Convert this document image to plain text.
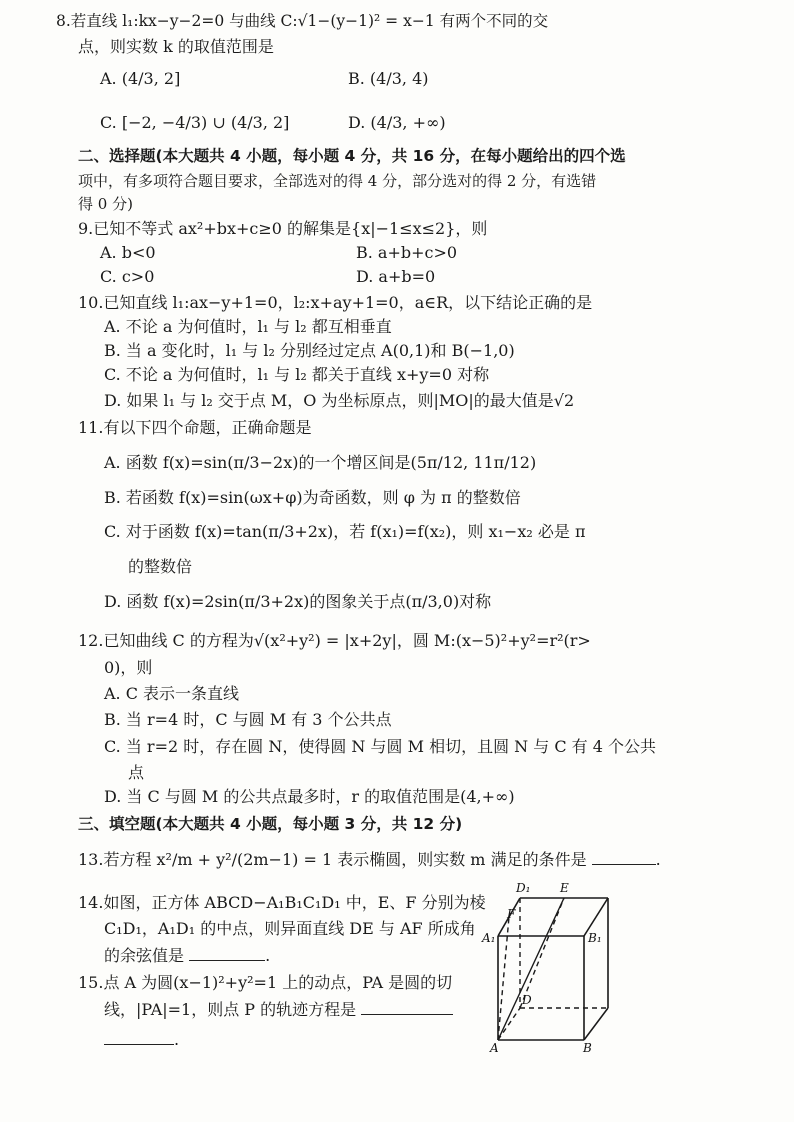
8.若直线 l₁:kx−y−2=0 与曲线 C:√1−(y−1)² = x−1 有两个不同的交
点，则实数 k 的取值范围是
A. (4/3, 2]	B. (4/3, 4)
C. [−2, −4/3) ∪ (4/3, 2]	D. (4/3, +∞)
二、选择题(本大题共 4 小题，每小题 4 分，共 16 分，在每小题给出的四个选
项中，有多项符合题目要求，全部选对的得 4 分，部分选对的得 2 分，有选错
得 0 分)
9.已知不等式 ax²+bx+c≥0 的解集是{x|−1≤x≤2}，则
A. b<0	B. a+b+c>0
C. c>0	D. a+b=0
10.已知直线 l₁:ax−y+1=0，l₂:x+ay+1=0，a∈R，以下结论正确的是
A. 不论 a 为何值时，l₁ 与 l₂ 都互相垂直
B. 当 a 变化时，l₁ 与 l₂ 分别经过定点 A(0,1)和 B(−1,0)
C. 不论 a 为何值时，l₁ 与 l₂ 都关于直线 x+y=0 对称
D. 如果 l₁ 与 l₂ 交于点 M，O 为坐标原点，则|MO|的最大值是√2
11.有以下四个命题，正确命题是
A. 函数 f(x)=sin(π/3−2x)的一个增区间是(5π/12, 11π/12)
B. 若函数 f(x)=sin(ωx+φ)为奇函数，则 φ 为 π 的整数倍
C. 对于函数 f(x)=tan(π/3+2x)，若 f(x₁)=f(x₂)，则 x₁−x₂ 必是 π
的整数倍
D. 函数 f(x)=2sin(π/3+2x)的图象关于点(π/3,0)对称
12.已知曲线 C 的方程为√(x²+y²) = |x+2y|，圆 M:(x−5)²+y²=r²(r>
0)，则
A. C 表示一条直线
B. 当 r=4 时，C 与圆 M 有 3 个公共点
C. 当 r=2 时，存在圆 N，使得圆 N 与圆 M 相切，且圆 N 与 C 有 4 个公共
点
D. 当 C 与圆 M 的公共点最多时，r 的取值范围是(4,+∞)
三、填空题(本大题共 4 小题，每小题 3 分，共 12 分)
13.若方程 x²/m + y²/(2m−1) = 1 表示椭圆，则实数 m 满足的条件是	.
14.如图，正方体 ABCD−A₁B₁C₁D₁ 中，E、F 分别为棱
C₁D₁，A₁D₁ 的中点，则异面直线 DE 与 AF 所成角
的余弦值是	.
15.点 A 为圆(x−1)²+y²=1 上的动点，PA 是圆的切
线，|PA|=1，则点 P 的轨迹方程是
.
D₁ E
F
A₁	B₁
D
A	B
